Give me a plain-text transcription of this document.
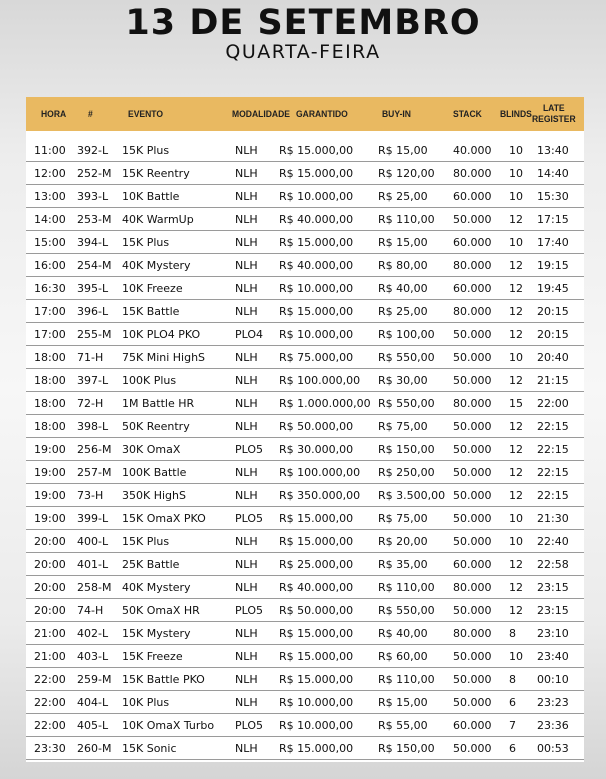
13 DE SETEMBRO
QUARTA-FEIRA
HORA #	EVENTO	MODALIDADE GARANTIDO	BUY-IN	STACK BLINDS	LATE
REGISTER
11:00 392-L 15K Plus	NLH R$ 15.000,00 R$ 15,00 40.000 10 13:40
12:00 252-M 15K Reentry	NLH R$ 15.000,00 R$ 120,00 80.000 10 14:40
13:00 393-L 10K Battle	NLH R$ 10.000,00 R$ 25,00 60.000 10 15:30
14:00 253-M 40K WarmUp	NLH R$ 40.000,00 R$ 110,00 50.000 12 17:15
15:00 394-L 15K Plus	NLH R$ 15.000,00 R$ 15,00 60.000 10 17:40
16:00 254-M 40K Mystery	NLH R$ 40.000,00 R$ 80,00 80.000 12 19:15
16:30 395-L 10K Freeze	NLH R$ 10.000,00 R$ 40,00 60.000 12 19:45
17:00 396-L 15K Battle	NLH R$ 15.000,00 R$ 25,00 80.000 12 20:15
17:00 255-M 10K PLO4 PKO	PLO4 R$ 10.000,00 R$ 100,00 50.000 12 20:15
18:00 71-H 75K Mini HighS	NLH R$ 75.000,00 R$ 550,00 50.000 10 20:40
18:00 397-L 100K Plus	NLH R$ 100.000,00 R$ 30,00 50.000 12 21:15
18:00 72-H 1M Battle HR	NLH R$ 1.000.000,00 R$ 550,00 80.000 15 22:00
18:00 398-L 50K Reentry	NLH R$ 50.000,00 R$ 75,00 50.000 12 22:15
19:00 256-M 30K OmaX	PLO5 R$ 30.000,00 R$ 150,00 50.000 12 22:15
19:00 257-M 100K Battle	NLH R$ 100.000,00 R$ 250,00 50.000 12 22:15
19:00 73-H 350K HighS	NLH R$ 350.000,00 R$ 3.500,00 50.000 12 22:15
19:00 399-L 15K OmaX PKO	PLO5 R$ 15.000,00 R$ 75,00 50.000 10 21:30
20:00 400-L 15K Plus	NLH R$ 15.000,00 R$ 20,00 50.000 10 22:40
20:00 401-L 25K Battle	NLH R$ 25.000,00 R$ 35,00 60.000 12 22:58
20:00 258-M 40K Mystery	NLH R$ 40.000,00 R$ 110,00 80.000 12 23:15
20:00 74-H 50K OmaX HR	PLO5 R$ 50.000,00 R$ 550,00 50.000 12 23:15
21:00 402-L 15K Mystery	NLH R$ 15.000,00 R$ 40,00 80.000 8 23:10
21:00 403-L 15K Freeze	NLH R$ 15.000,00 R$ 60,00 50.000 10 23:40
22:00 259-M 15K Battle PKO	NLH R$ 15.000,00 R$ 110,00 50.000 8 00:10
22:00 404-L 10K Plus	NLH R$ 10.000,00 R$ 15,00 50.000 6 23:23
22:00 405-L 10K OmaX Turbo PLO5 R$ 10.000,00 R$ 55,00 60.000 7 23:36
23:30 260-M 15K Sonic	NLH R$ 15.000,00 R$ 150,00 50.000 6 00:53
